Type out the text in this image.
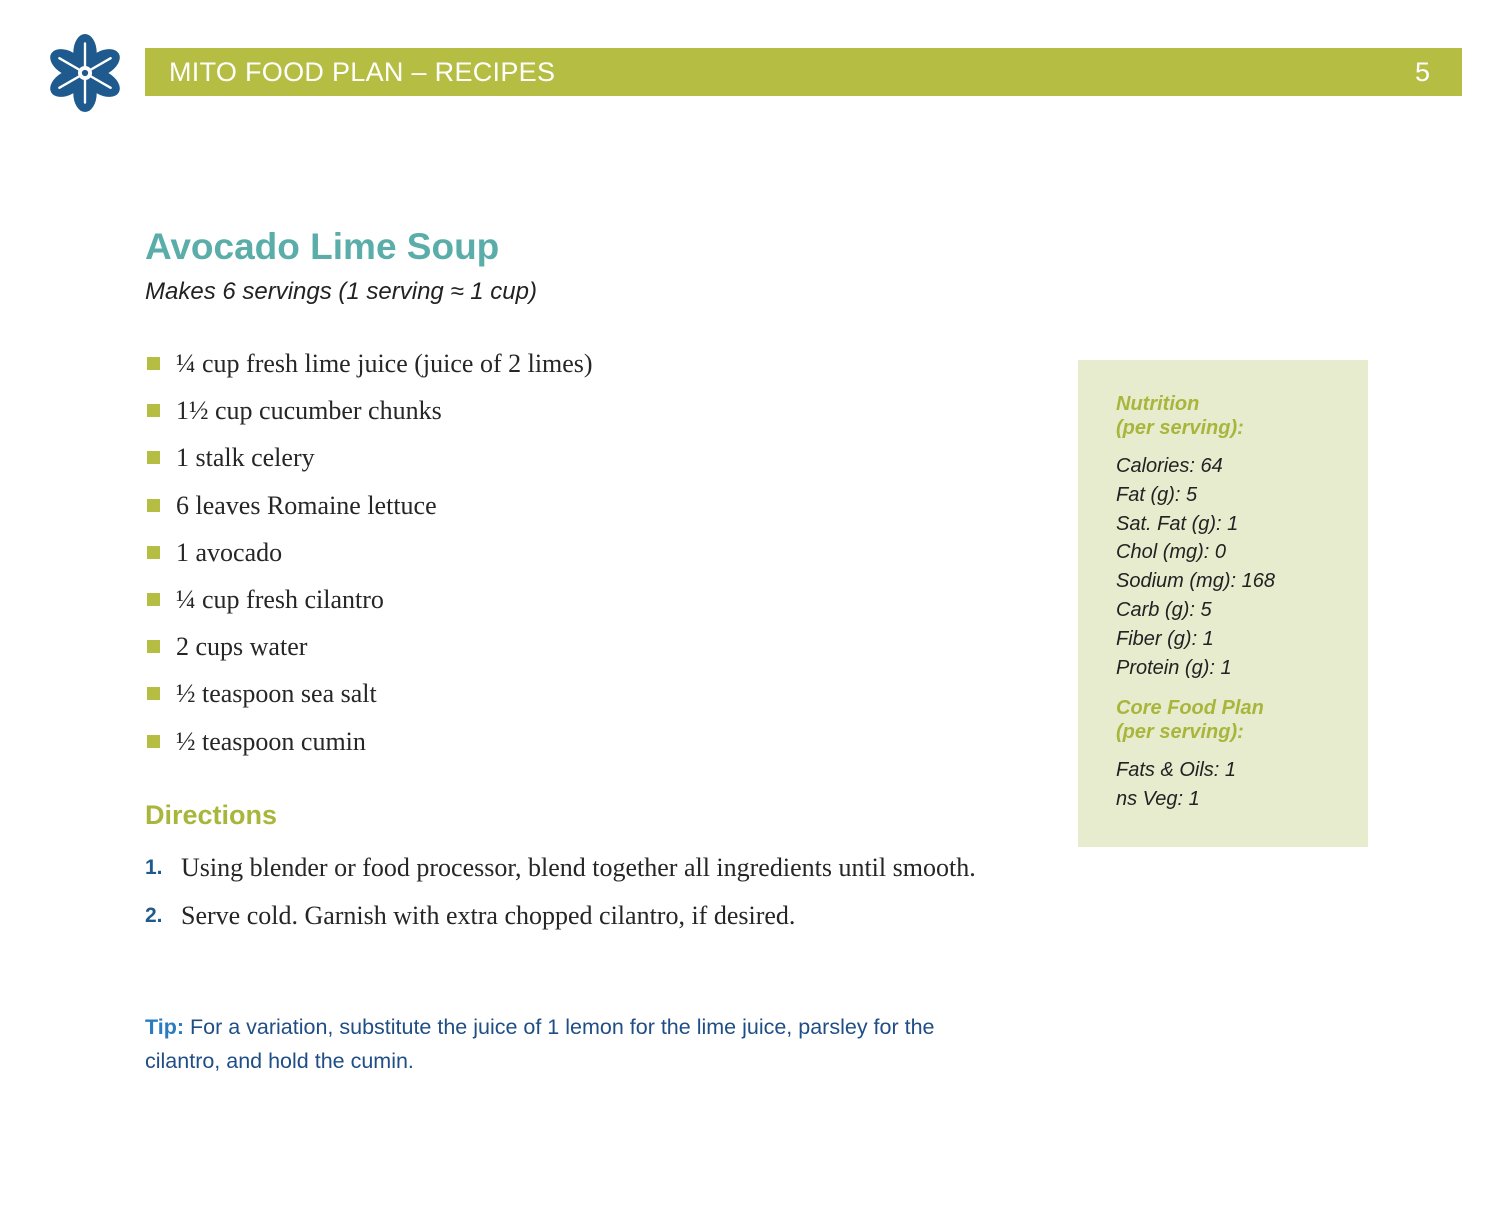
MITO FOOD PLAN – RECIPES	5
Avocado Lime Soup
Makes 6 servings (1 serving ≈ 1 cup)
¼ cup fresh lime juice (juice of 2 limes)
1½ cup cucumber chunks
1 stalk celery
6 leaves Romaine lettuce
1 avocado
¼ cup fresh cilantro
2 cups water
½ teaspoon sea salt
½ teaspoon cumin
Directions
1. Using blender or food processor, blend together all ingredients until smooth.
2. Serve cold. Garnish with extra chopped cilantro, if desired.

Tip: For a variation, substitute the juice of 1 lemon for the lime juice, parsley for the cilantro, and hold the cumin.

Nutrition
(per serving):
Calories: 64
Fat (g): 5
Sat. Fat (g): 1
Chol (mg): 0
Sodium (mg): 168
Carb (g): 5
Fiber (g): 1
Protein (g): 1
Core Food Plan
(per serving):
Fats & Oils: 1
ns Veg: 1
